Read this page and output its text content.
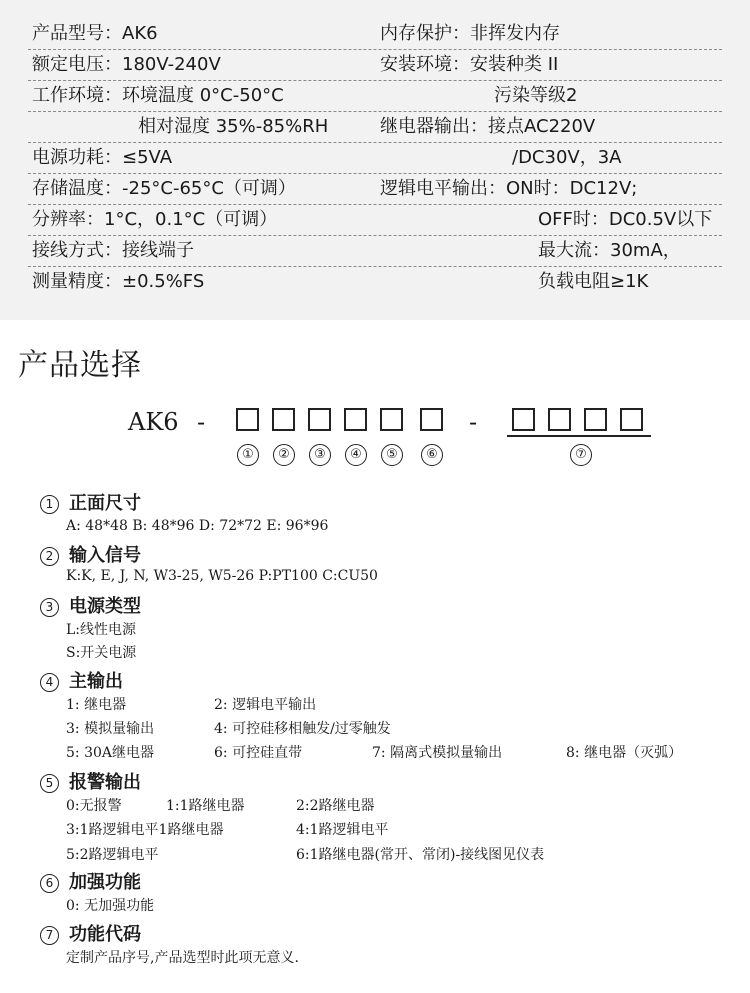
产品型号：AK6	内存保护：非挥发内存
额定电压：180V-240V	安装环境：安装种类 II
工作环境：环境温度 0°C-50°C	污染等级2
相对湿度 35%-85%RH	继电器输出：接点AC220V
电源功耗：≤5VA	/DC30V，3A
存储温度：-25°C-65°C（可调）	逻辑电平输出：ON时：DC12V;
分辨率：1°C，0.1°C（可调）	OFF时：DC0.5V以下
接线方式：接线端子	最大流：30mA，
测量精度：±0.5%FS	负载电阻≥1K
产品选择
AK6 -	-
①	②	③	④	⑤	⑥	⑦
1 正面尺寸
A: 48*48 B: 48*96 D: 72*72 E: 96*96
2 输入信号
K:K, E, J, N, W3-25, W5-26 P:PT100 C:CU50
3 电源类型
L:线性电源
S:开关电源
4 主输出
1: 继电器	2: 逻辑电平输出
3: 模拟量输出	4: 可控硅移相触发/过零触发
5: 30A继电器	6: 可控硅直带	7: 隔离式模拟量输出	8: 继电器（灭弧）
5 报警输出
0:无报警	1:1路继电器	2:2路继电器
3:1路逻辑电平1路继电器	4:1路逻辑电平
5:2路逻辑电平	6:1路继电器(常开、常闭)-接线图见仪表
6 加强功能
0: 无加强功能
7 功能代码
定制产品序号,产品选型时此项无意义.
